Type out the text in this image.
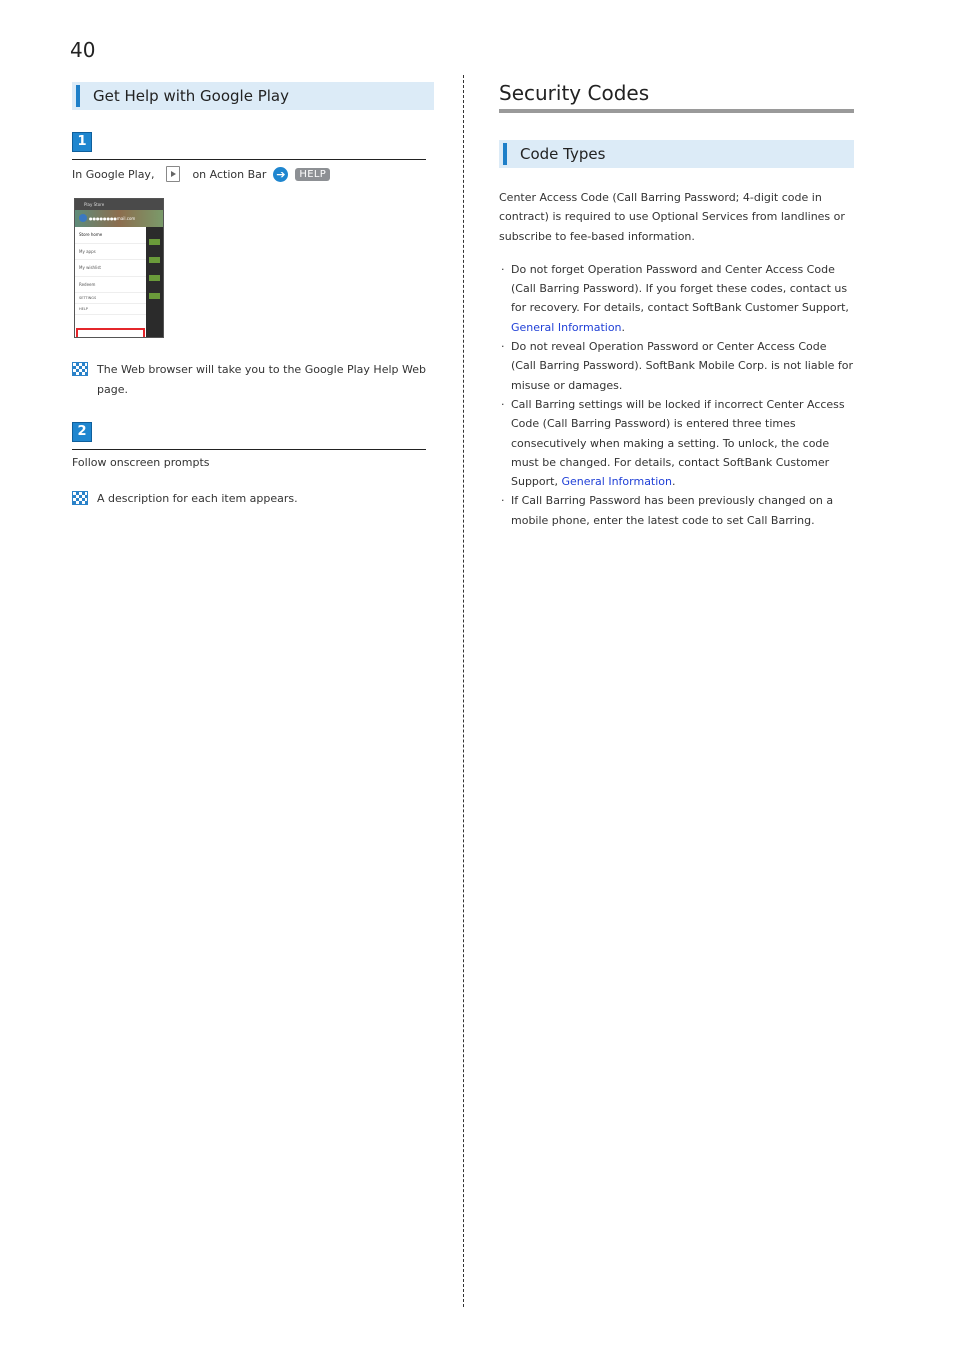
40
Get Help with Google Play
1
In Google Play,	on Action Bar ➔	HELP
Play Store
●●●●●●●●mail.com
Store home
My apps
My wishlist
Redeem
SETTINGS
HELP
The Web browser will take you to the Google Play Help Web page.
2
Follow onscreen prompts
A description for each item appears.
Security Codes
Code Types
Center Access Code (Call Barring Password; 4-digit code in contract) is required to use Optional Services from landlines or subscribe to fee-based information.
· Do not forget Operation Password and Center Access Code (Call Barring Password). If you forget these codes, contact us for recovery. For details, contact SoftBank Customer Support, General Information.
· Do not reveal Operation Password or Center Access Code (Call Barring Password). SoftBank Mobile Corp. is not liable for misuse or damages.
· Call Barring settings will be locked if incorrect Center Access Code (Call Barring Password) is entered three times consecutively when making a setting. To unlock, the code must be changed. For details, contact SoftBank Customer Support, General Information.
· If Call Barring Password has been previously changed on a mobile phone, enter the latest code to set Call Barring.
